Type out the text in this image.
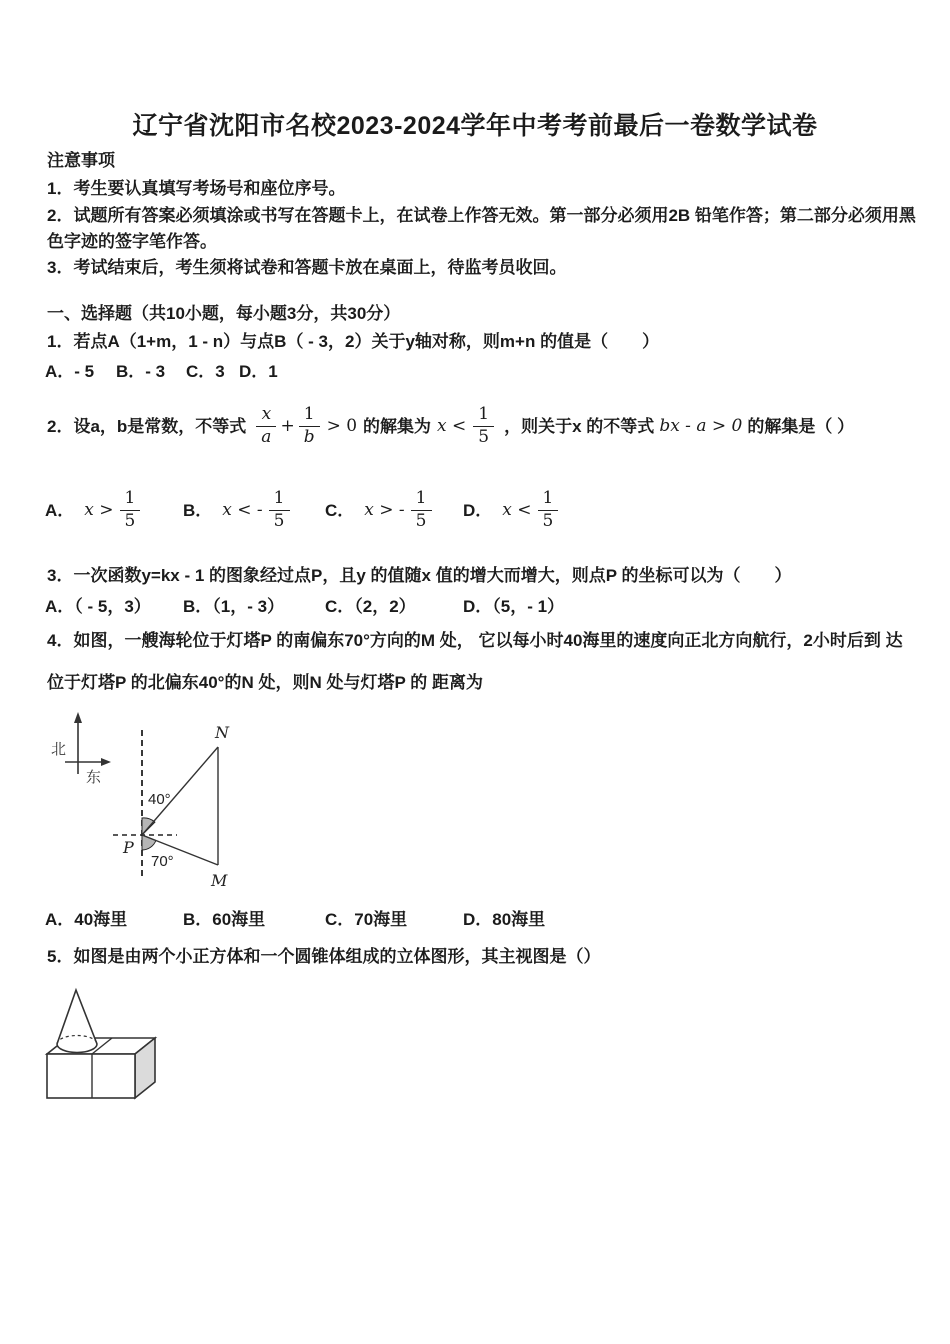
辽宁省沈阳市名校2023-2024学年中考考前最后一卷数学试卷
注意事项
1．考生要认真填写考场号和座位序号。
2．试题所有答案必须填涂或书写在答题卡上，在试卷上作答无效。第一部分必须用2B 铅笔作答；第二部分必须用黑
色字迹的签字笔作答。
3．考试结束后，考生须将试卷和答题卡放在桌面上，待监考员收回。
一、选择题（共10小题，每小题3分，共30分）
1．若点A（1+m，1 - n）与点B（ - 3，2）关于y轴对称，则m+n 的值是（　　）
A．- 5 B．- 3 C．3 D．1
2．设a，b是常数，不等式 $\frac{x}{a} + \frac{1}{b} > 0$ 的解集为 $x < \frac{1}{5}$ ，则关于x 的不等式 bx - a > 0 的解集是（ ）
A． $x > \frac{1}{5}$	B． x < - $\frac{1}{5}$ C． x > - $\frac{1}{5}$ D． $x < \frac{1}{5}$
3．一次函数y=kx - 1 的图象经过点P，且y 的值随x 值的增大而增大，则点P 的坐标可以为（　　）
A．（ - 5，3） B．（1，- 3） C．（2，2）	D．（5，- 1）
4．如图，一艘海轮位于灯塔P 的南偏东70°方向的M 处， 它以每小时40海里的速度向正北方向航行，2小时后到 达
位于灯塔P 的北偏东40°的N 处，则N 处与灯塔P 的 距离为
北
东
N
P
M
40°
70°
A．40海里	B．60海里	C．70海里	D．80海里
5．如图是由两个小正方体和一个圆锥体组成的立体图形，其主视图是（）
